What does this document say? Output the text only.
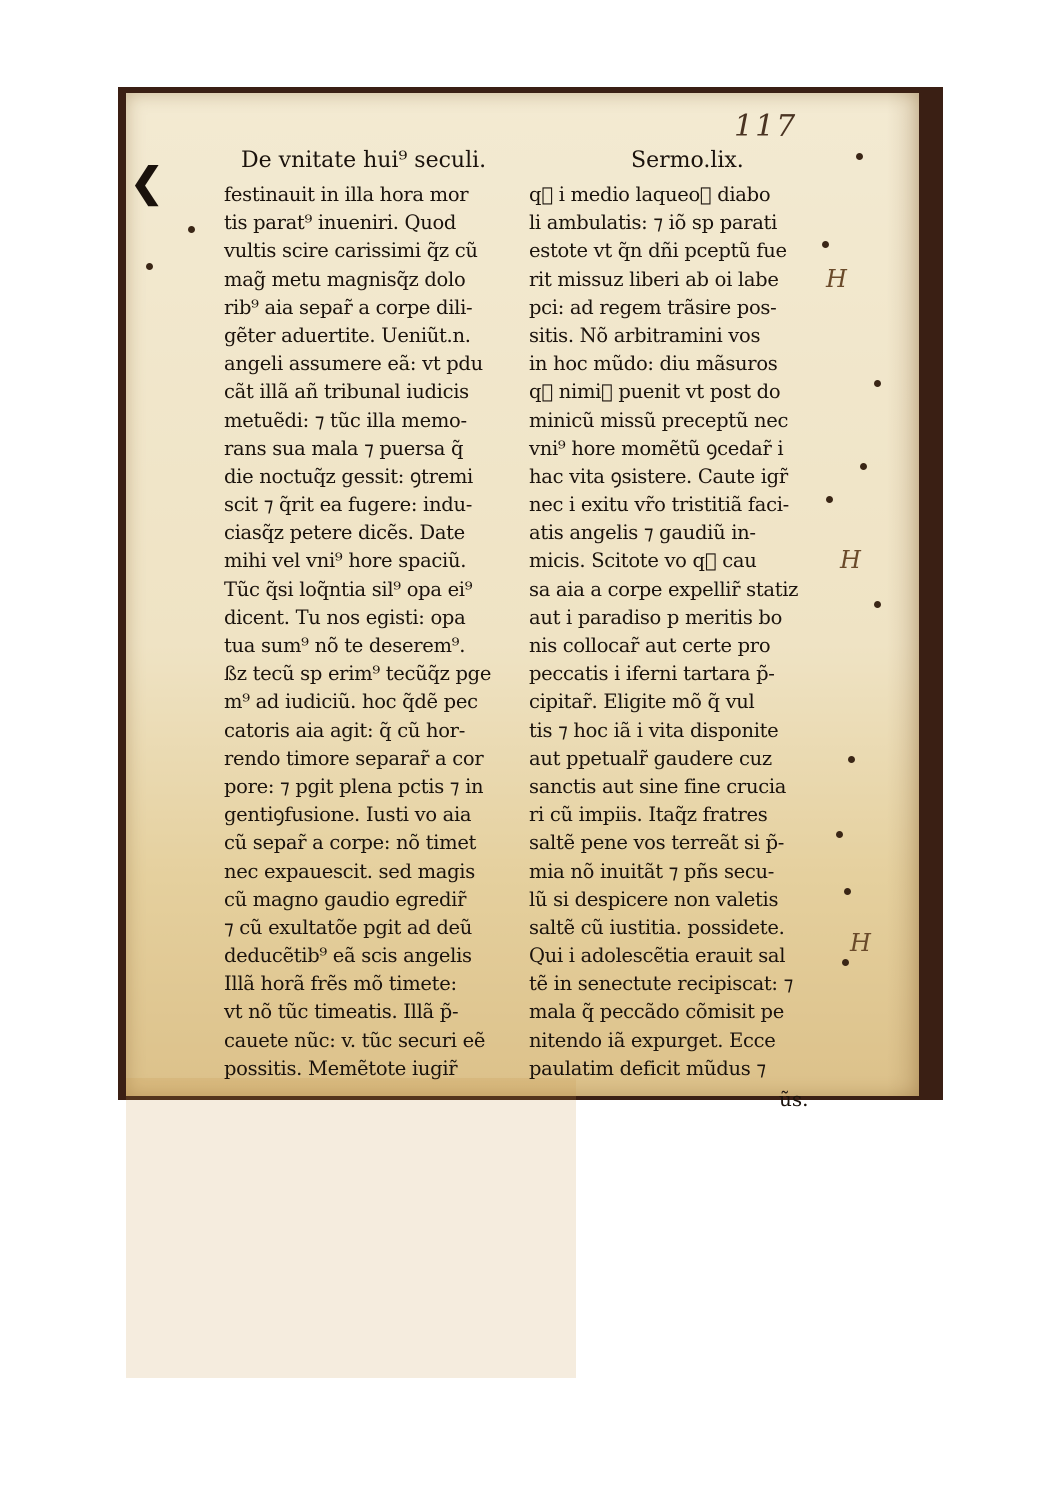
117
❮	De vnitate hui⁹ seculi.	Sermo.lix.
festinauit in illa hora mor
tis parat⁹ inueniri. Quod
vultis scire carissimi q̃z cũ
mag̃ metu magnisq̃z dolo
rib⁹ aia separ̃ a corpe dili-
gẽter aduertite. Ueniũt.n.
angeli assumere eã: vt pdu
cãt illã añ tribunal iudicis
metuẽdi: ⁊ tũc illa memo-
rans sua mala ⁊ puersa q̃
die noctuq̃z gessit: ꝯtremi
scit ⁊ q̃rit ea fugere: indu-
ciasq̃z petere dicẽs. Date
mihi vel vni⁹ hore spaciũ.
Tũc q̃si loq̃ntia sil⁹ opa ei⁹
dicent. Tu nos egisti: opa
tua sum⁹ nõ te deserem⁹.
ßz tecũ sp erim⁹ tecũq̃z pge
m⁹ ad iudiciũ. hoc q̃dẽ pec
catoris aia agit: q̃ cũ hor-
rendo timore separar̃ a cor
pore: ⁊ pgit plena pctis ⁊ in
gentiꝯfusione. Iusti vo aia
cũ separ̃ a corpe: nõ timet
nec expauescit. sed magis
cũ magno gaudio egredir̃
⁊ cũ exultatõe pgit ad deũ
deducẽtib⁹ eã scis angelis
Illã horã frẽs mõ timete:
vt nõ tũc timeatis. Illã p̃-
cauete nũc: v. tũc securi eẽ
possitis. Memẽtote iugir̃
q᷑ i medio laqueoꝝ diabo
li ambulatis: ⁊ iõ sp parati
estote vt q̃n dñi pceptũ fue
rit missuz liberi ab oi labe
pci: ad regem trãsire pos-
sitis. Nõ arbitramini vos
in hoc mũdo: diu mãsuros
q᷑ nimiꝝ puenit vt post do
minicũ missũ preceptũ nec
vni⁹ hore momẽtũ ꝯcedar̃ i
hac vita ꝯsistere. Caute igr̃
nec i exitu vr̃o tristitiã faci-
atis angelis ⁊ gaudiũ in-
micis. Scitote vo q᷑ cau
sa aia a corpe expellir̃ statiz
aut i paradiso p meritis bo
nis collocar̃ aut certe pro
peccatis i iferni tartara p̃-
cipitar̃. Eligite mõ q̃ vul
tis ⁊ hoc iã i vita disponite
aut ppetualr̃ gaudere cuz
sanctis aut sine fine crucia
ri cũ impiis. Itaq̃z fratres
saltẽ pene vos terreãt si p̃-
mia nõ inuitãt ⁊ pñs secu-
lũ si despicere non valetis
saltẽ cũ iustitia. possidete.
Qui i adolescẽtia erauit sal
tẽ in senectute recipiscat: ⁊
mala q̃ peccãdo cõmisit pe
nitendo iã expurget. Ecce
paulatim deficit mũdus ⁊
ũs.
H
H
H
